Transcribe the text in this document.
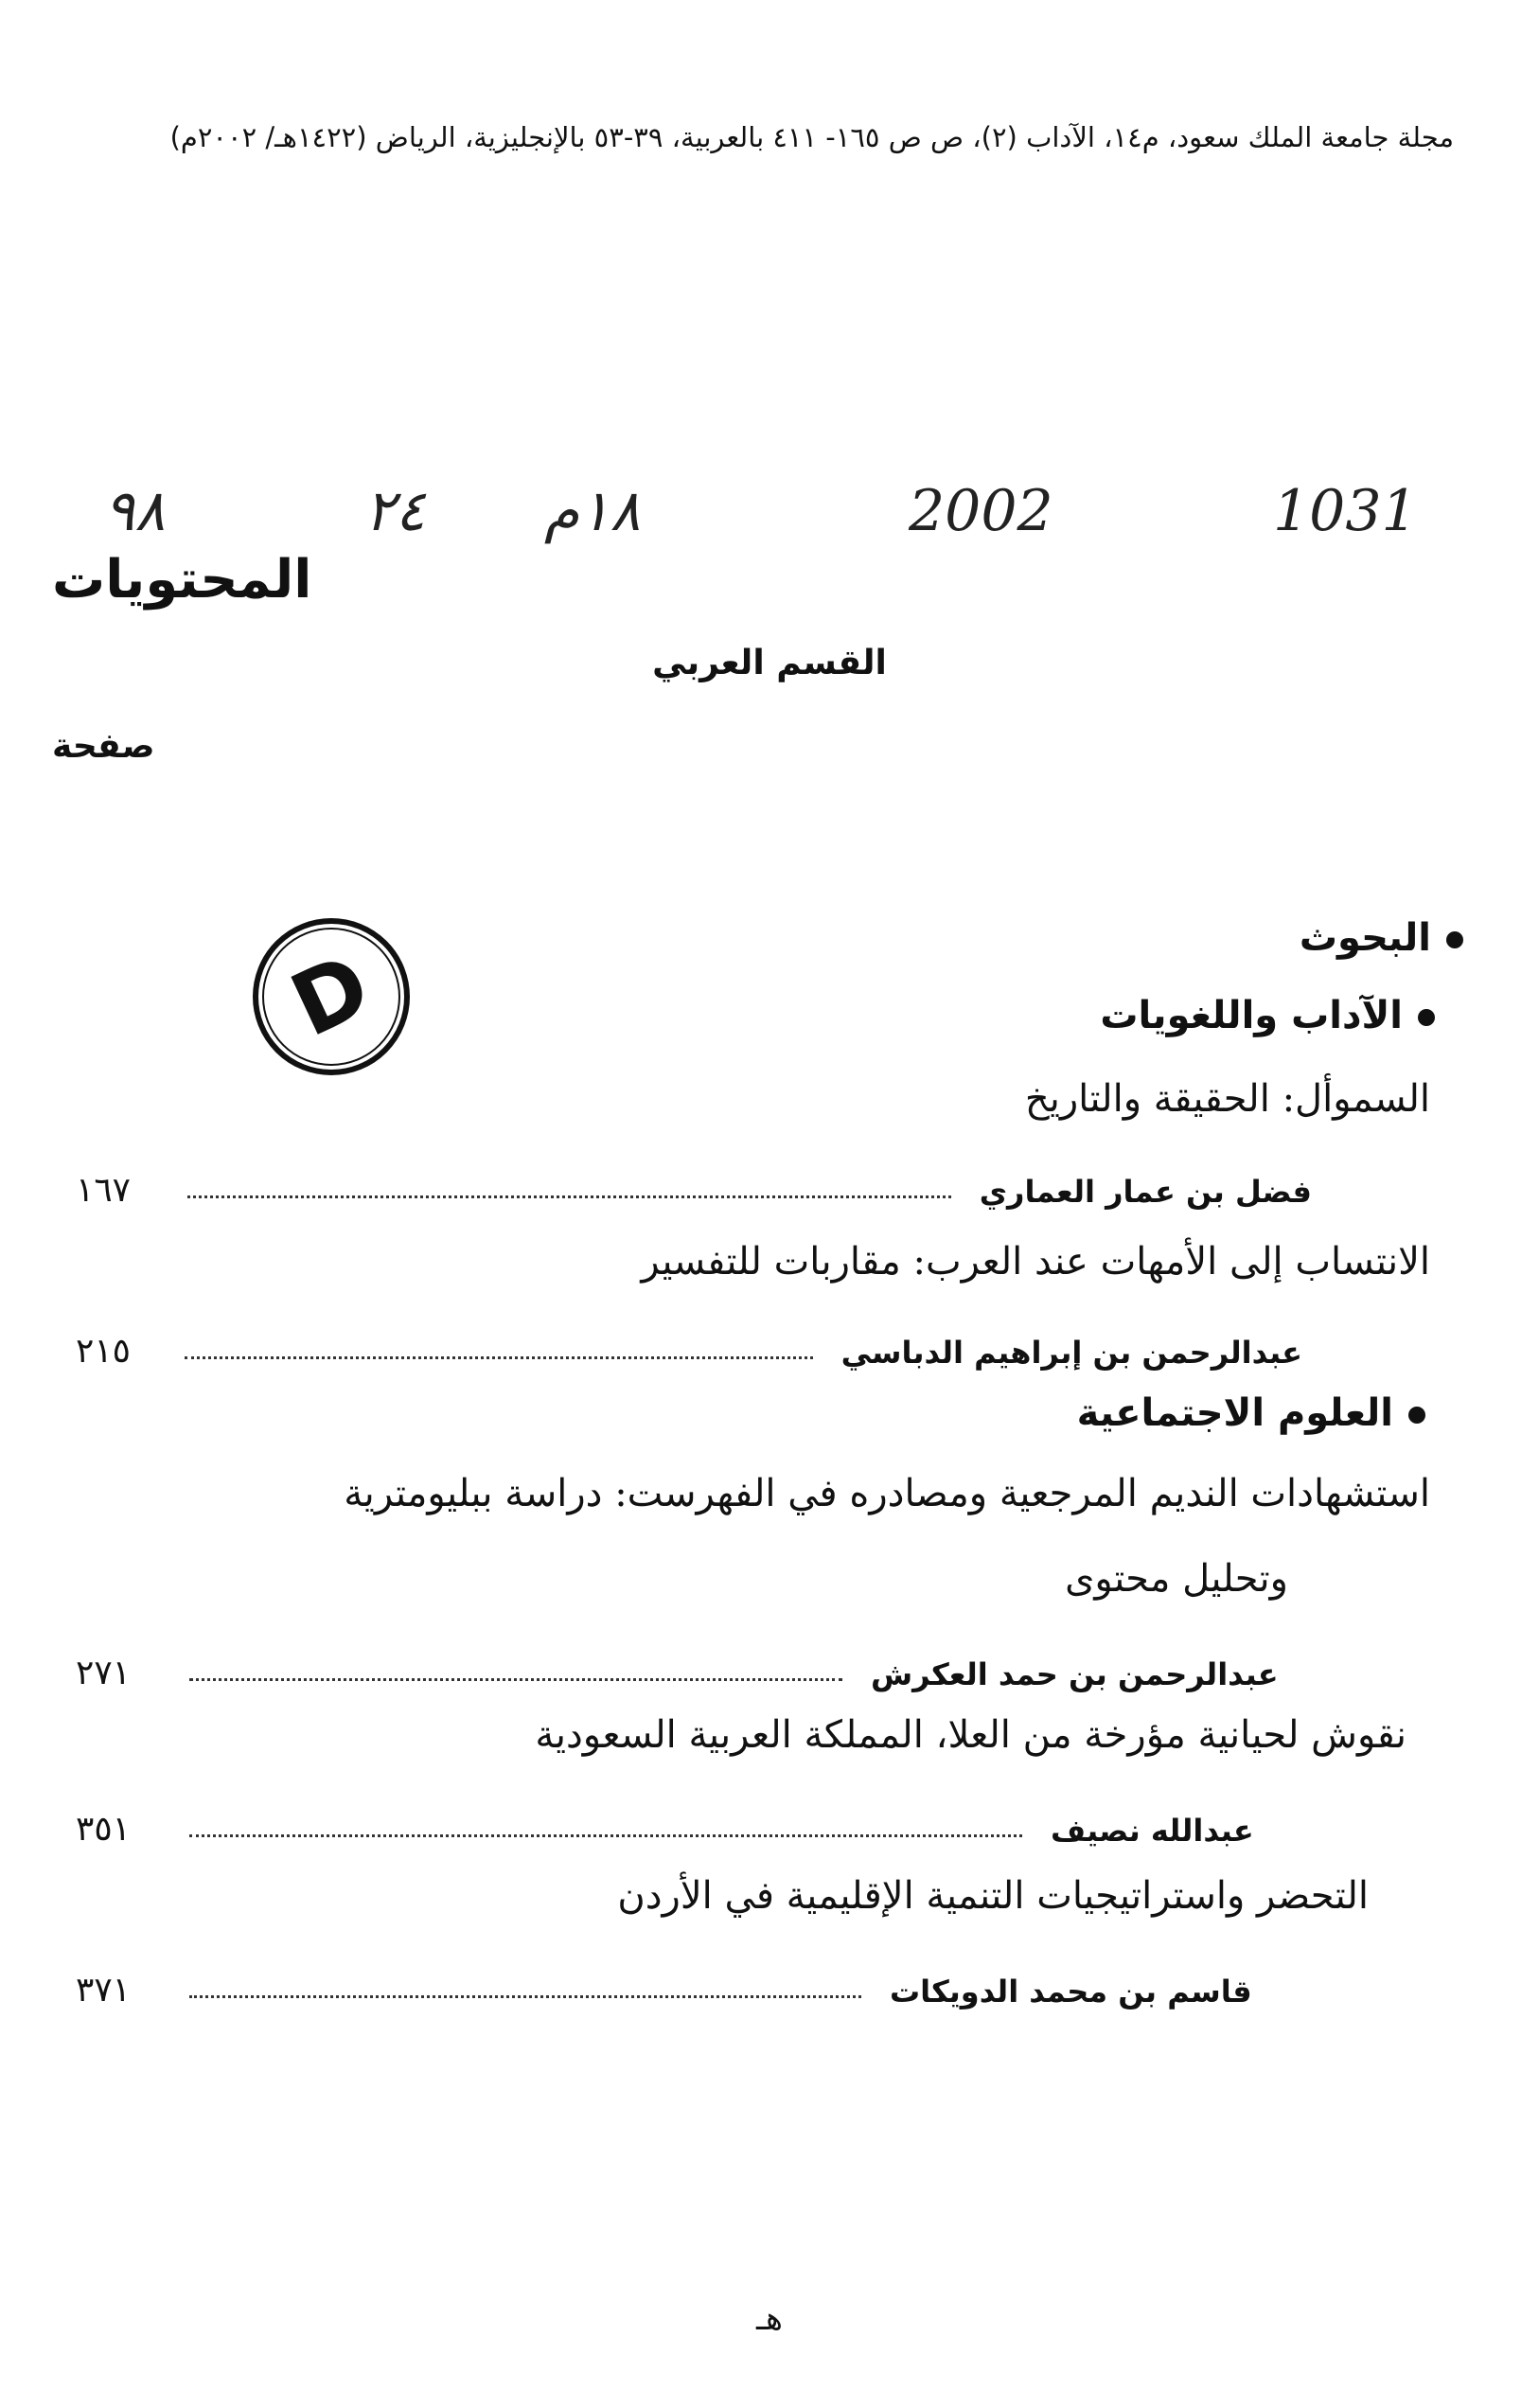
مجلة جامعة الملك سعود، م١٤، الآداب (٢)، ص ص ١٦٥- ٤١١ بالعربية، ٣٩-٥٣ بالإنجليزية، الرياض (١٤٢٢هـ/ ٢٠٠٢م)
٩٨	٢٤ ١٨م	2002	1031
المحتويات
القسم العربي
صفحة
D	البحوث
الآداب واللغويات
السموأل: الحقيقة والتاريخ
١٦٧	فضل بن عمار العماري
الانتساب إلى الأمهات عند العرب: مقاربات للتفسير
٢١٥	عبدالرحمن بن إبراهيم الدباسي
العلوم الاجتماعية
استشهادات النديم المرجعية ومصادره في الفهرست: دراسة ببليومترية
وتحليل محتوى
٢٧١	عبدالرحمن بن حمد العكرش
نقوش لحيانية مؤرخة من العلا، المملكة العربية السعودية
٣٥١	عبدالله نصيف
التحضر واستراتيجيات التنمية الإقليمية في الأردن
٣٧١	قاسم بن محمد الدويكات
هـ
